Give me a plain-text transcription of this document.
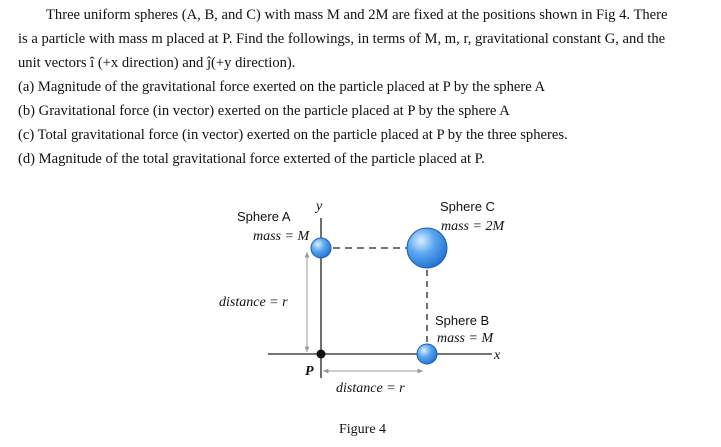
Three uniform spheres (A, B, and C) with mass M and 2M are fixed at the positions shown in Fig 4. There
is a particle with mass m placed at P. Find the followings, in terms of M, m, r, gravitational constant G, and the
unit vectors î (+x direction) and ĵ(+y direction).
(a) Magnitude of the gravitational force exerted on the particle placed at P by the sphere A
(b) Gravitational force (in vector) exerted on the particle placed at P by the sphere A
(c) Total gravitational force (in vector) exerted on the particle placed at P by the three spheres.
(d) Magnitude of the total gravitational force exterted of the particle placed at P.
y
x
P
Sphere A
mass = M
Sphere C
mass = 2M
Sphere B
mass = M
distance = r
distance = r
Figure 4
